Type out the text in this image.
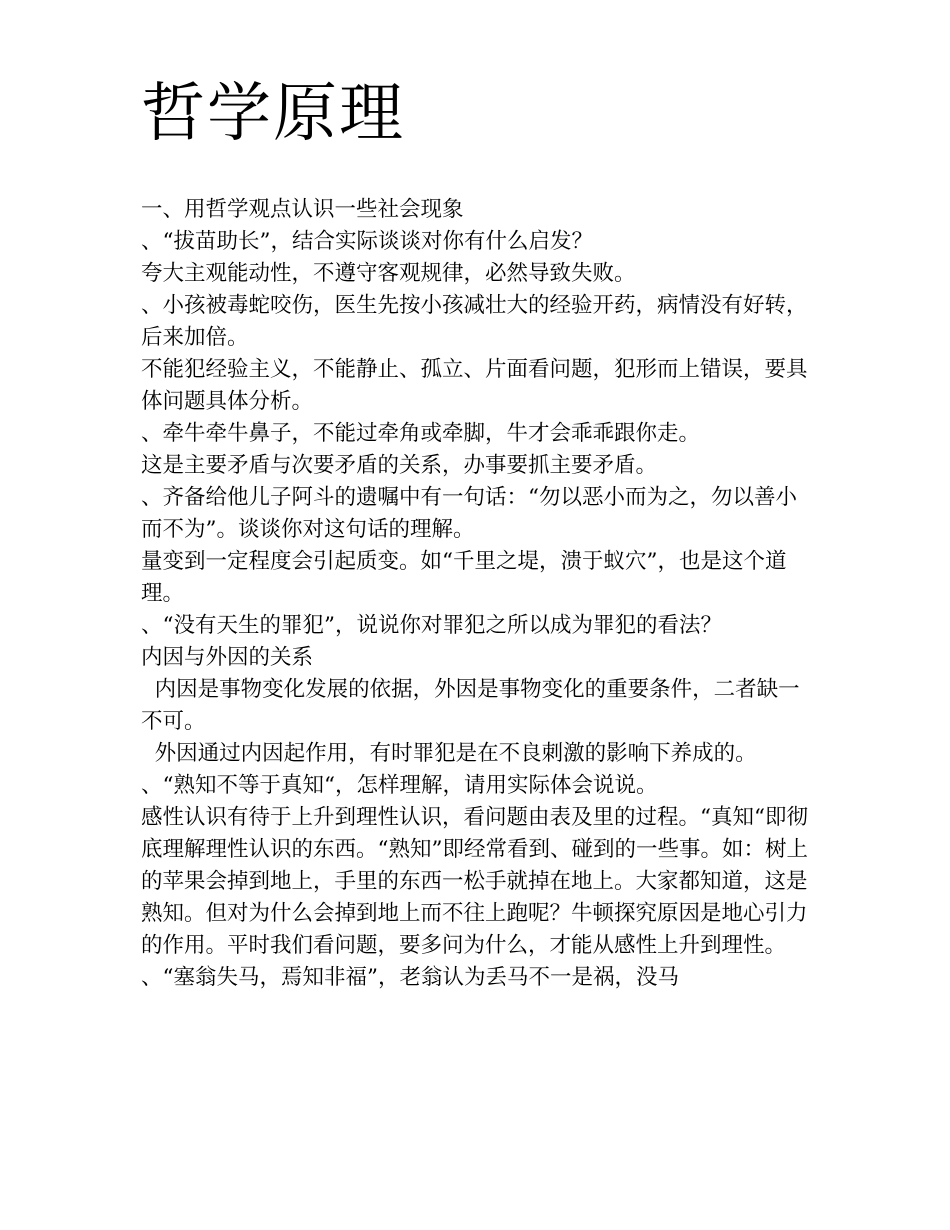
哲学原理

一、用哲学观点认识一些社会现象

、“拔苗助长”，结合实际谈谈对你有什么启发？

夸大主观能动性，不遵守客观规律，必然导致失败。

、小孩被毒蛇咬伤，医生先按小孩减壮大的经验开药，病情没有好转，后来加倍。

不能犯经验主义，不能静止、孤立、片面看问题，犯形而上错误，要具体问题具体分析。

、牵牛牵牛鼻子，不能过牵角或牵脚，牛才会乖乖跟你走。

这是主要矛盾与次要矛盾的关系，办事要抓主要矛盾。

、齐备给他儿子阿斗的遗嘱中有一句话：“勿以恶小而为之，勿以善小而不为”。谈谈你对这句话的理解。

量变到一定程度会引起质变。如“千里之堤，溃于蚁穴”，也是这个道理。

、“没有天生的罪犯”，说说你对罪犯之所以成为罪犯的看法？

内因与外因的关系

内因是事物变化发展的依据，外因是事物变化的重要条件，二者缺一不可。

外因通过内因起作用，有时罪犯是在不良刺激的影响下养成的。

、“熟知不等于真知“，怎样理解，请用实际体会说说。

感性认识有待于上升到理性认识，看问题由表及里的过程。“真知“即彻底理解理性认识的东西。“熟知”即经常看到、碰到的一些事。如：树上的苹果会掉到地上，手里的东西一松手就掉在地上。大家都知道，这是熟知。但对为什么会掉到地上而不往上跑呢？牛顿探究原因是地心引力的作用。平时我们看问题，要多问为什么，才能从感性上升到理性。

、“塞翁失马，焉知非福”，老翁认为丢马不一是祸，没马
